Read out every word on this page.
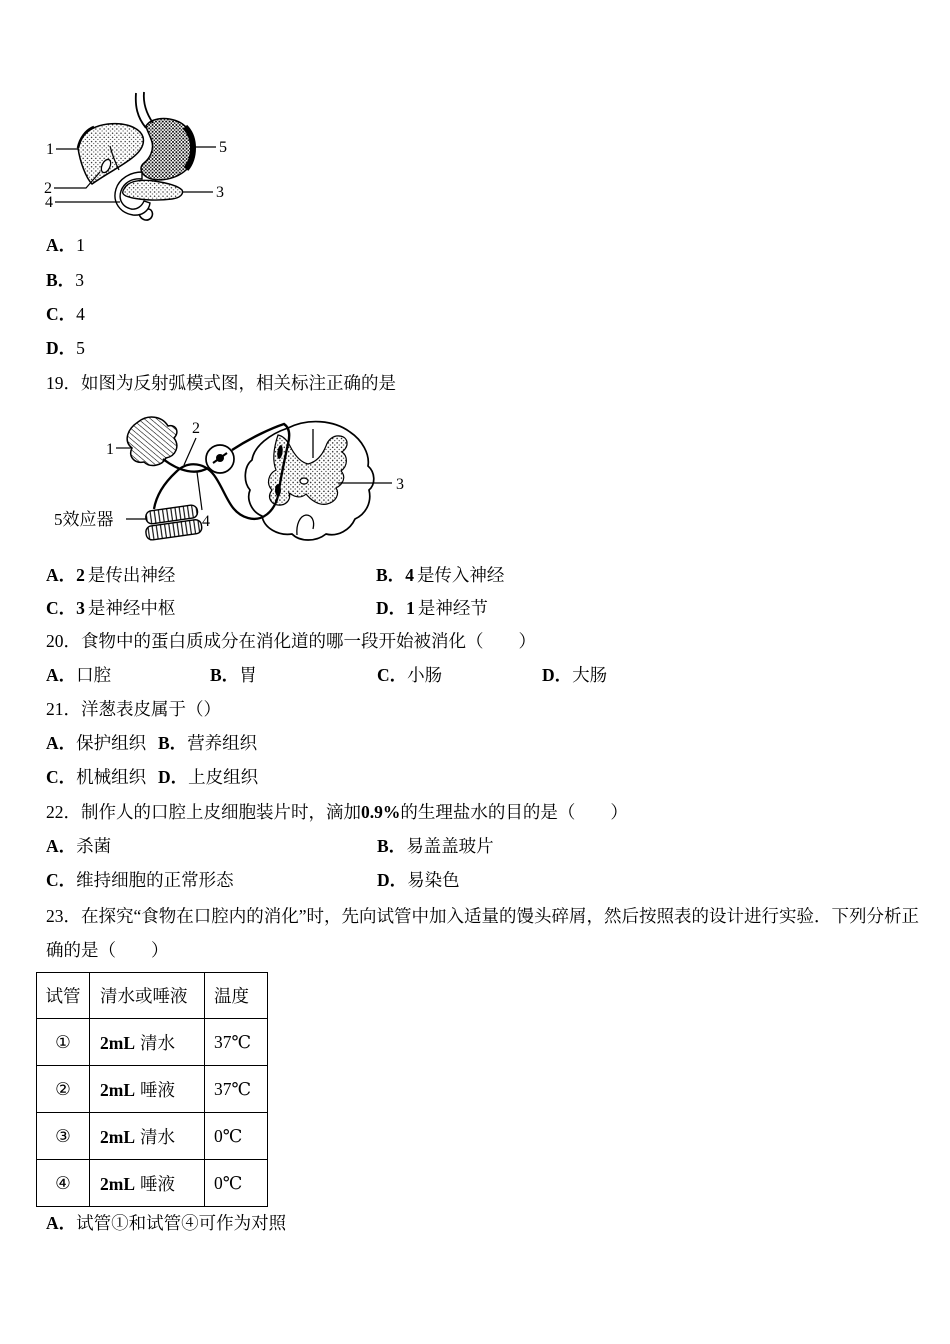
1	5
2	3
4
A．1
B．3
C．4
D．5
19．如图为反射弧模式图，相关标注正确的是
1
2
3
4
5效应器
A．2 是传出神经	B．4 是传入神经
C．3 是神经中枢	D．1 是神经节
20．食物中的蛋白质成分在消化道的哪一段开始被消化（　　）
A．口腔	B．胃	C．小肠	D．大肠
21．洋葱表皮属于（）
A．保护组织 B．营养组织
C．机械组织 D．上皮组织
22．制作人的口腔上皮细胞装片时，滴加0.9%的生理盐水的目的是（　　）
A．杀菌	B．易盖盖玻片
C．维持细胞的正常形态	D．易染色
23．在探究“食物在口腔内的消化”时，先向试管中加入适量的馒头碎屑，然后按照表的设计进行实验．下列分析正
确的是（　　）
试管	清水或唾液	温度
①	2mL 清水	37℃
②	2mL 唾液	37℃
③	2mL 清水	0℃
④	2mL 唾液	0℃
A．试管①和试管④可作为对照
